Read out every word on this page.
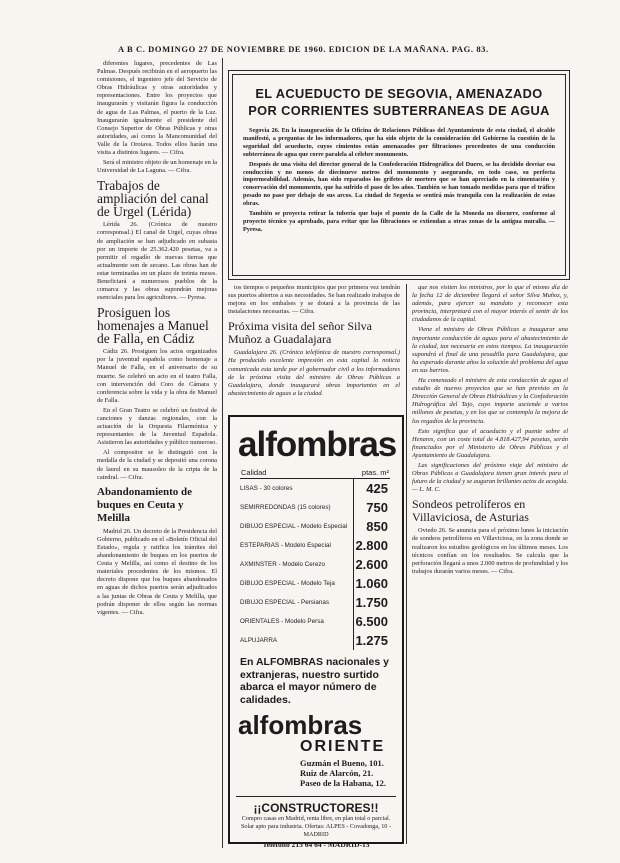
A B C. DOMINGO 27 DE NOVIEMBRE DE 1960. EDICION DE LA MAÑANA. PAG. 83.

diferentes lugares, precedentes de Las Palmas. Después recibirán en el aeropuerto las comisiones, el ingeniero jefe del Servicio de Obras Hidráulicas y otras autoridades y representaciones. Entre los proyectos que inaugurarán y visitarán figura la conducción de agua de Las Palmas, el puerto de la Luz. Inaugurarán igualmente el presidente del Consejo Superior de Obras Públicas y otras autoridades, así como la Mancomunidad del Valle de la Orotava. Todos ellos harán una visita a distintos lugares. — Cifra.

Será el ministro objeto de un homenaje en la Universidad de La Laguna. — Cifra.

Trabajos de ampliación del canal de Urgel (Lérida)

Lérida 26. (Crónica de nuestro corresponsal.) El canal de Urgel, cuyas obras de ampliación se han adjudicado en subasta por un importe de 25.362.420 pesetas, va a permitir el regadío de nuevas tierras que actualmente son de secano. Las obras han de estar terminadas en un plazo de treinta meses. Beneficiará a numerosos pueblos de la comarca y las obras supondrán mejoras esenciales para los agricultores. — Pyresa.

Prosiguen los homenajes a Manuel de Falla, en Cádiz

Cádiz 26. Prosiguen los actos organizados por la juventud española como homenaje a Manuel de Falla, en el aniversario de su muerte. Se celebró un acto en el teatro Falla, con intervención del Coro de Cámara y conferencia sobre la vida y la obra de Manuel de Falla.

En el Gran Teatro se celebró un festival de canciones y danzas regionales, con la actuación de la Orquesta Filarmónica y representantes de la Juventud Española. Asistieron las autoridades y público numeroso.

Al compositor se le distinguió con la medalla de la ciudad y se depositó una corona de laurel en su mausoleo de la cripta de la catedral. — Cifra.

Abandonamiento de buques en Ceuta y Melilla

Madrid 26. Un decreto de la Presidencia del Gobierno, publicado en el «Boletín Oficial del Estado», regula y ratifica los trámites del abandonamiento de buques en los puertos de Ceuta y Melilla, así como el destino de los materiales procedentes de los mismos. El decreto dispone que los buques abandonados en aguas de dichos puertos serán adjudicados a las juntas de Obras de Ceuta y Melilla, que podrán disponer de ellos según las normas vigentes. — Cifra.

EL ACUEDUCTO DE SEGOVIA, AMENAZADO POR CORRIENTES SUBTERRANEAS DE AGUA

Segovia 26. En la inauguración de la Oficina de Relaciones Públicas del Ayuntamiento de esta ciudad, el alcalde manifestó, a preguntas de los informadores, que ha sido objeto de la consideración del Gobierno la cuestión de la seguridad del acueducto, cuyos cimientos están amenazados por filtraciones procedentes de una conducción subterránea de agua que corre paralela al célebre monumento.

Después de una visita del director general de la Confederación Hidrográfica del Duero, se ha decidido desviar esa conducción y no menos de diecinueve metros del monumento y asegurando, en todo caso, su perfecta impermeabilidad. Además, han sido reparados los grifetes de mortero que se han apreciado en la cimentación y conservación del monumento, que ha sufrido el paso de los años. También se han tomado medidas para que el tráfico pesado no pase por debajo de sus arcos. La ciudad de Segovia se sentirá más tranquila con la realización de estas obras.

También se proyecta retirar la tubería que bajo el puente de la Calle de la Moneda no discurre, conforme al proyecto técnico ya aprobado, para evitar que las filtraciones se extiendan a otras zonas de la antigua muralla. — Pyresa.

tos tiempos o pequeños municipios que por primera vez tendrán sus puertos abiertos a sus necesidades. Se han realizado trabajos de mejora en los embalses y se dotará a la provincia de las instalaciones necesarias. — Cifra.

Próxima visita del señor Silva Muñoz a Guadalajara

Guadalajara 26. (Crónica telefónica de nuestro corresponsal.) Ha producido excelente impresión en esta capital la noticia comunicada esta tarde por el gobernador civil a los informadores de la próxima visita del ministro de Obras Públicas a Guadalajara, donde inaugurará obras importantes en el abastecimiento de aguas a la ciudad.

alfombras
Calidad	ptas. m²
LISAS - 30 colores	425
SEMIRREDONDAS (15 colores)	750
DIBUJO ESPECIAL - Modelo Especial	850
ESTEPARIAS - Modelo Especial	2.800
AXMINSTER - Modelo Cerezo	2.600
DIBUJO ESPECIAL - Modelo Teja	1.060
DIBUJO ESPECIAL - Persianas	1.750
ORIENTALES - Modelo Persa	6.500
ALPUJARRA	1.275
En ALFOMBRAS nacionales y extranjeras, nuestro surtido abarca el mayor número de calidades.
alfombras
ORIENTE
Guzmán el Bueno, 101.
Ruiz de Alarcón, 21.
Paseo de la Habana, 12.
¡¡CONSTRUCTORES!!
Compro casas en Madrid, renta libre, en plan total o parcial. Solar apto para industria. Ofertas: ALPES - Covadonga, 10 - MADRID
Teléfono 215 64 64 - MADRID-13

que nos visiten los ministros, por lo que el mismo día de la fecha 12 de diciembre llegará el señor Silva Muñoz, y, además, para ejercer su mandato y reconocer esta provincia, interpretará con el mayor interés el sentir de los ciudadanos de la capital.

Viene el ministro de Obras Públicas a inaugurar una importante conducción de aguas para el abastecimiento de la ciudad, tan necesaria en estos tiempos. La inauguración supondrá el final de una pesadilla para Guadalajara, que ha esperado durante años la solución del problema del agua en sus barrios.

Ha comenzado el ministro de esta conducción de agua el estudio de nuevos proyectos que se han previsto en la Dirección General de Obras Hidráulicas y la Confederación Hidrográfica del Tajo, cuyo importe asciende a varios millones de pesetas, y en los que se contempla la mejora de los regadíos de la provincia.

Esto significa que el acueducto y el puente sobre el Henares, con un coste total de 4.818.427,94 pesetas, serán financiados por el Ministerio de Obras Públicas y el Ayuntamiento de Guadalajara.

Las significaciones del próximo viaje del ministro de Obras Públicas a Guadalajara tienen gran interés para el futuro de la ciudad y se auguran brillantes actos de acogida. — L. M. C.

Sondeos petrolíferos en Villaviciosa, de Asturias

Oviedo 26. Se anuncia para el próximo lunes la iniciación de sondeos petrolíferos en Villaviciosa, en la zona donde se realizaron los estudios geológicos en los últimos meses. Los técnicos confían en los resultados. Se calcula que la perforación llegará a unos 2.000 metros de profundidad y los trabajos durarán varios meses. — Cifra.
